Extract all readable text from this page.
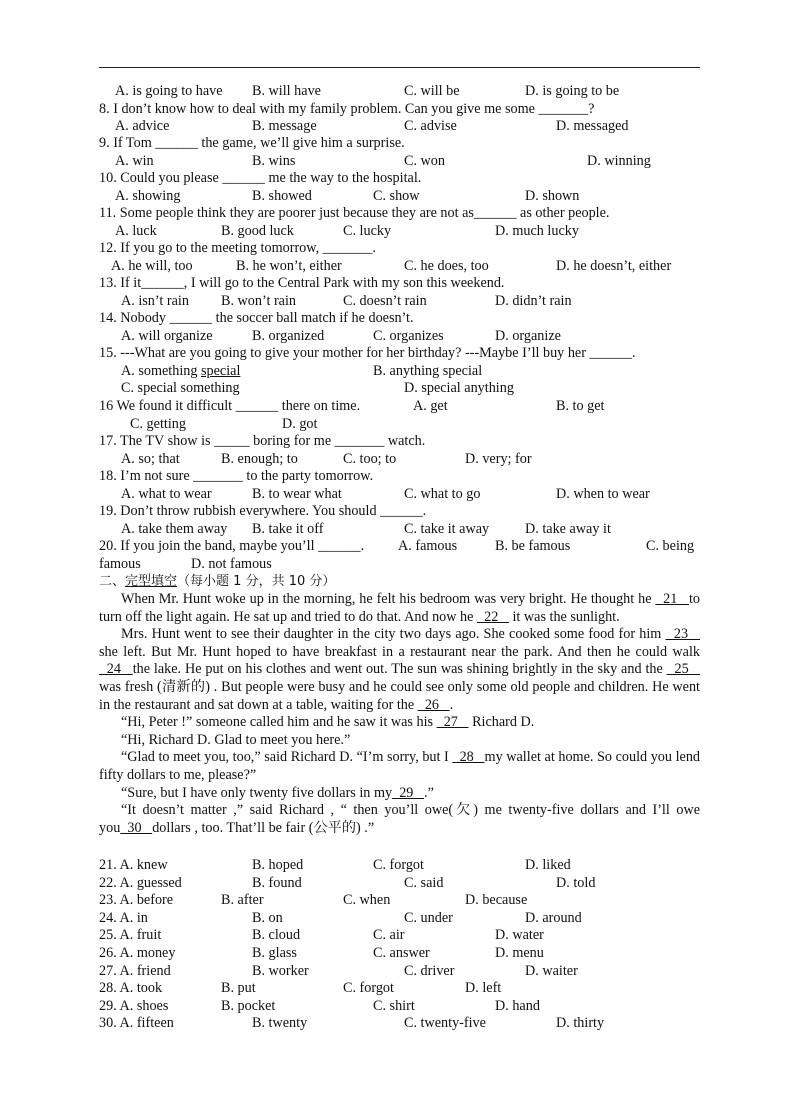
A. is going to have B. will have	C. will be	D. is going to be
8. I don’t know how to deal with my family problem. Can you give me some _______?
A. advice	B. message	C. advise	D. messaged
9. If Tom ______ the game, we’ll give him a surprise.
A. win	B. wins	C. won	D. winning
10. Could you please ______ me the way to the hospital.
A. showing	B. showed	C. show	D. shown
11. Some people think they are poorer just because they are not as______ as other people.
A. luck	B. good luck	C. lucky	D. much lucky
12. If you go to the meeting tomorrow, _______.
A. he will, too	B. he won’t, either	C. he does, too	D. he doesn’t, either
13. If it______, I will go to the Central Park with my son this weekend.
A. isn’t rain B. won’t rain	C. doesn’t rain	D. didn’t rain
14. Nobody ______ the soccer ball match if he doesn’t.
A. will organize	B. organized	C. organizes	D. organize
15. ---What are you going to give your mother for her birthday? ---Maybe I’ll buy her ______.
A. something special	B. anything special
C. special something	D. special anything
16 We found it difficult ______ there on time.	A. get	B. to get
C. getting	D. got
17. The TV show is _____ boring for me _______ watch.
A. so; that	B. enough; to	C. too; to	D. very; for
18. I’m not sure _______ to the party tomorrow.
A. what to wear	B. to wear what	C. what to go	D. when to wear
19. Don’t throw rubbish everywhere. You should ______.
A. take them away B. take it off	C. take it away	D. take away it
20. If you join the band, maybe you’ll ______. A. famous	B. be famous	C. being
famous	D. not famous
二、完型填空（每小题 1 分，共 10 分）

When Mr. Hunt woke up in the morning, he felt his bedroom was very bright. He thought he   21   to turn off the light again. He sat up and tried to do that. And now he   22    it was the sunlight.

Mrs. Hunt went to see their daughter in the city two days ago. She cooked some food for him   23    she left. But Mr. Hunt hoped to have breakfast in a restaurant near the park. And then he could walk   24   the lake. He put on his clothes and went out. The sun was shining brightly in the sky and the   25    was fresh (清新的) . But people were busy and he could see only some old people and children. He went in the restaurant and sat down at a table, waiting for the   26   .

“Hi, Peter !” someone called him and he saw it was his   27    Richard D.

“Hi, Richard D. Glad to meet you here.”

“Glad to meet you, too,” said Richard D. “I’m sorry, but I   28   my wallet at home. So could you lend fifty dollars to me, please?”

“Sure, but I have only twenty five dollars in my  29   .”

“It doesn’t matter ,” said Richard , “ then you’ll owe(欠) me twenty-five dollars and I’ll owe you  30   dollars , too. That’ll be fair (公平的) .”

21. A. knew	B. hoped	C. forgot	D. liked
22. A. guessed	B. found	C. said	D. told
23. A. before	B. after	C. when	D. because
24. A. in	B. on	C. under	D. around
25. A. fruit	B. cloud	C. air	D. water
26. A. money	B. glass	C. answer	D. menu
27. A. friend	B. worker	C. driver	D. waiter
28. A. took	B. put	C. forgot	D. left
29. A. shoes	B. pocket	C. shirt	D. hand
30. A. fifteen	B. twenty	C. twenty-five	D. thirty
